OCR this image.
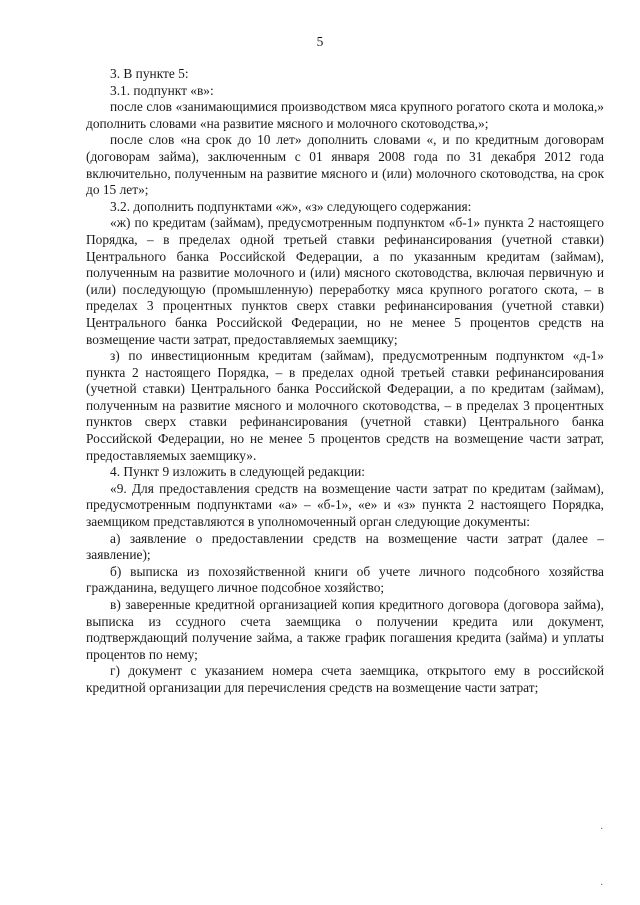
5

3. В пункте 5:

3.1. подпункт «в»:

после слов «занимающимися производством мяса крупного рогатого скота и молока,» дополнить словами «на развитие мясного и молочного скотоводства,»;

после слов «на срок до 10 лет» дополнить словами «, и по кредитным договорам (договорам займа), заключенным с 01 января 2008 года по 31 декабря 2012 года включительно, полученным на развитие мясного и (или) молочного скотоводства, на срок до 15 лет»;

3.2. дополнить подпунктами «ж», «з» следующего содержания:

«ж) по кредитам (займам), предусмотренным подпунктом «б-1» пункта 2 настоящего Порядка, – в пределах одной третьей ставки рефинансирования (учетной ставки) Центрального банка Российской Федерации, а по указанным кредитам (займам), полученным на развитие молочного и (или) мясного скотоводства, включая первичную и (или) последующую (промышленную) переработку мяса крупного рогатого скота, – в пределах 3 процентных пунктов сверх ставки рефинансирования (учетной ставки) Центрального банка Российской Федерации, но не менее 5 процентов средств на возмещение части затрат, предоставляемых заемщику;

з) по инвестиционным кредитам (займам), предусмотренным подпунктом «д-1» пункта 2 настоящего Порядка, – в пределах одной третьей ставки рефинансирования (учетной ставки) Центрального банка Российской Федерации, а по кредитам (займам), полученным на развитие мясного и молочного скотоводства, – в пределах 3 процентных пунктов сверх ставки рефинансирования (учетной ставки) Центрального банка Российской Федерации, но не менее 5 процентов средств на возмещение части затрат, предоставляемых заемщику».

4. Пункт 9 изложить в следующей редакции:

«9. Для предоставления средств на возмещение части затрат по кредитам (займам), предусмотренным подпунктами «а» – «б-1», «е» и «з» пункта 2 настоящего Порядка, заемщиком представляются в уполномоченный орган следующие документы:

а) заявление о предоставлении средств на возмещение части затрат (далее – заявление);

б) выписка из похозяйственной книги об учете личного подсобного хозяйства гражданина, ведущего личное подсобное хозяйство;

в) заверенные кредитной организацией копия кредитного договора (договора займа), выписка из ссудного счета заемщика о получении кредита или документ, подтверждающий получение займа, а также график погашения кредита (займа) и уплаты процентов по нему;

г) документ с указанием номера счета заемщика, открытого ему в российской кредитной организации для перечисления средств на возмещение части затрат;

·
·
